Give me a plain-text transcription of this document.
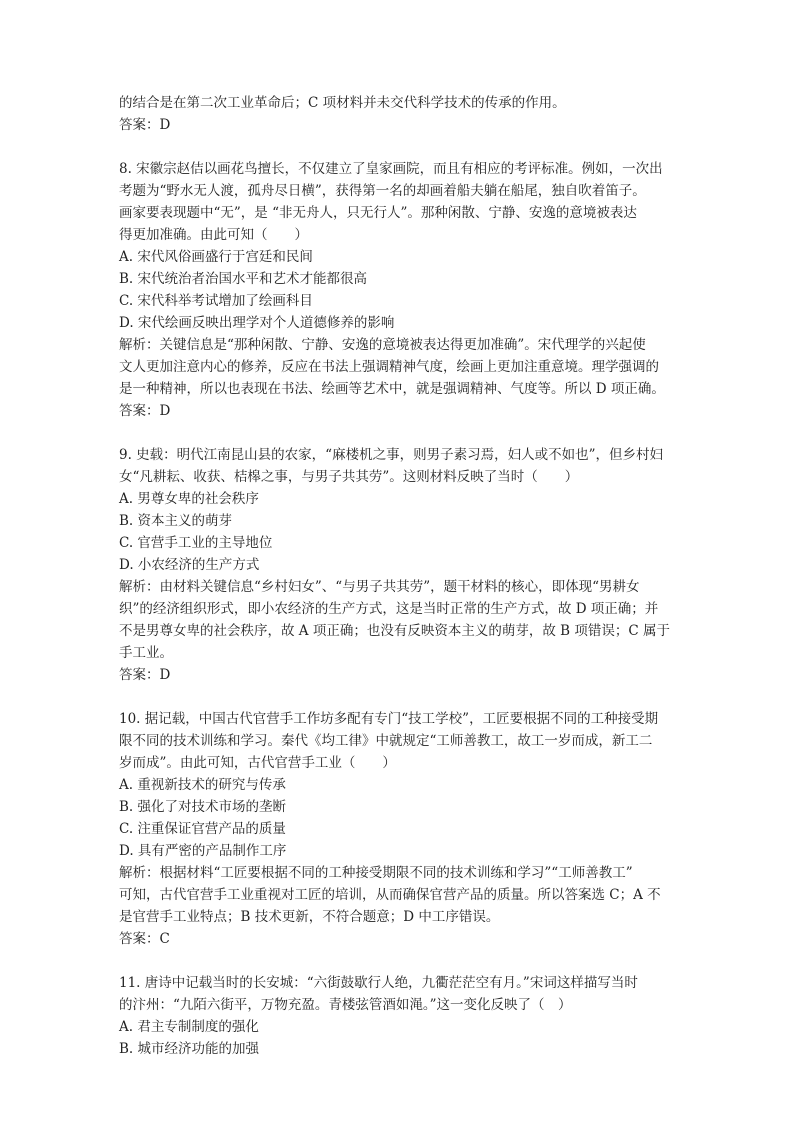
的结合是在第二次工业革命后；C 项材料并未交代科学技术的传承的作用。
答案：D
8. 宋徽宗赵佶以画花鸟擅长，不仅建立了皇家画院，而且有相应的考评标准。例如，一次出
考题为“野水无人渡，孤舟尽日横”，获得第一名的却画着船夫躺在船尾，独自吹着笛子。
画家要表现题中“无”，是 “非无舟人，只无行人”。那种闲散、宁静、安逸的意境被表达
得更加准确。由此可知（　　）
A. 宋代风俗画盛行于宫廷和民间
B. 宋代统治者治国水平和艺术才能都很高
C. 宋代科举考试增加了绘画科目
D. 宋代绘画反映出理学对个人道德修养的影响
解析：关键信息是“那种闲散、宁静、安逸的意境被表达得更加准确”。宋代理学的兴起使
文人更加注意内心的修养，反应在书法上强调精神气度，绘画上更加注重意境。理学强调的
是一种精神，所以也表现在书法、绘画等艺术中，就是强调精神、气度等。所以 D 项正确。
答案：D
9. 史载：明代江南昆山县的农家，“麻楼机之事，则男子素习焉，妇人或不如也”，但乡村妇
女“凡耕耘、收获、桔槔之事，与男子共其劳”。这则材料反映了当时（　　）
A. 男尊女卑的社会秩序
B. 资本主义的萌芽
C. 官营手工业的主导地位
D. 小农经济的生产方式
解析：由材料关键信息“乡村妇女”、“与男子共其劳”，题干材料的核心，即体现“男耕女
织”的经济组织形式，即小农经济的生产方式，这是当时正常的生产方式，故 D 项正确；并
不是男尊女卑的社会秩序，故 A 项正确；也没有反映资本主义的萌芽，故 B 项错误；C 属于
手工业。
答案：D
10. 据记载，中国古代官营手工作坊多配有专门“技工学校”，工匠要根据不同的工种接受期
限不同的技术训练和学习。秦代《均工律》中就规定“工师善教工，故工一岁而成，新工二
岁而成”。由此可知，古代官营手工业（　　）
A. 重视新技术的研究与传承
B. 强化了对技术市场的垄断
C. 注重保证官营产品的质量
D. 具有严密的产品制作工序
解析：根据材料“工匠要根据不同的工种接受期限不同的技术训练和学习”“工师善教工”
可知，古代官营手工业重视对工匠的培训，从而确保官营产品的质量。所以答案选 C；A 不
是官营手工业特点；B 技术更新，不符合题意；D 中工序错误。
答案：C
11. 唐诗中记载当时的长安城：“六街鼓歇行人绝，九衢茫茫空有月。”宋词这样描写当时
的汴州：“九陌六街平，万物充盈。青楼弦管酒如渑。”这一变化反映了（　）
A. 君主专制制度的强化
B. 城市经济功能的加强
